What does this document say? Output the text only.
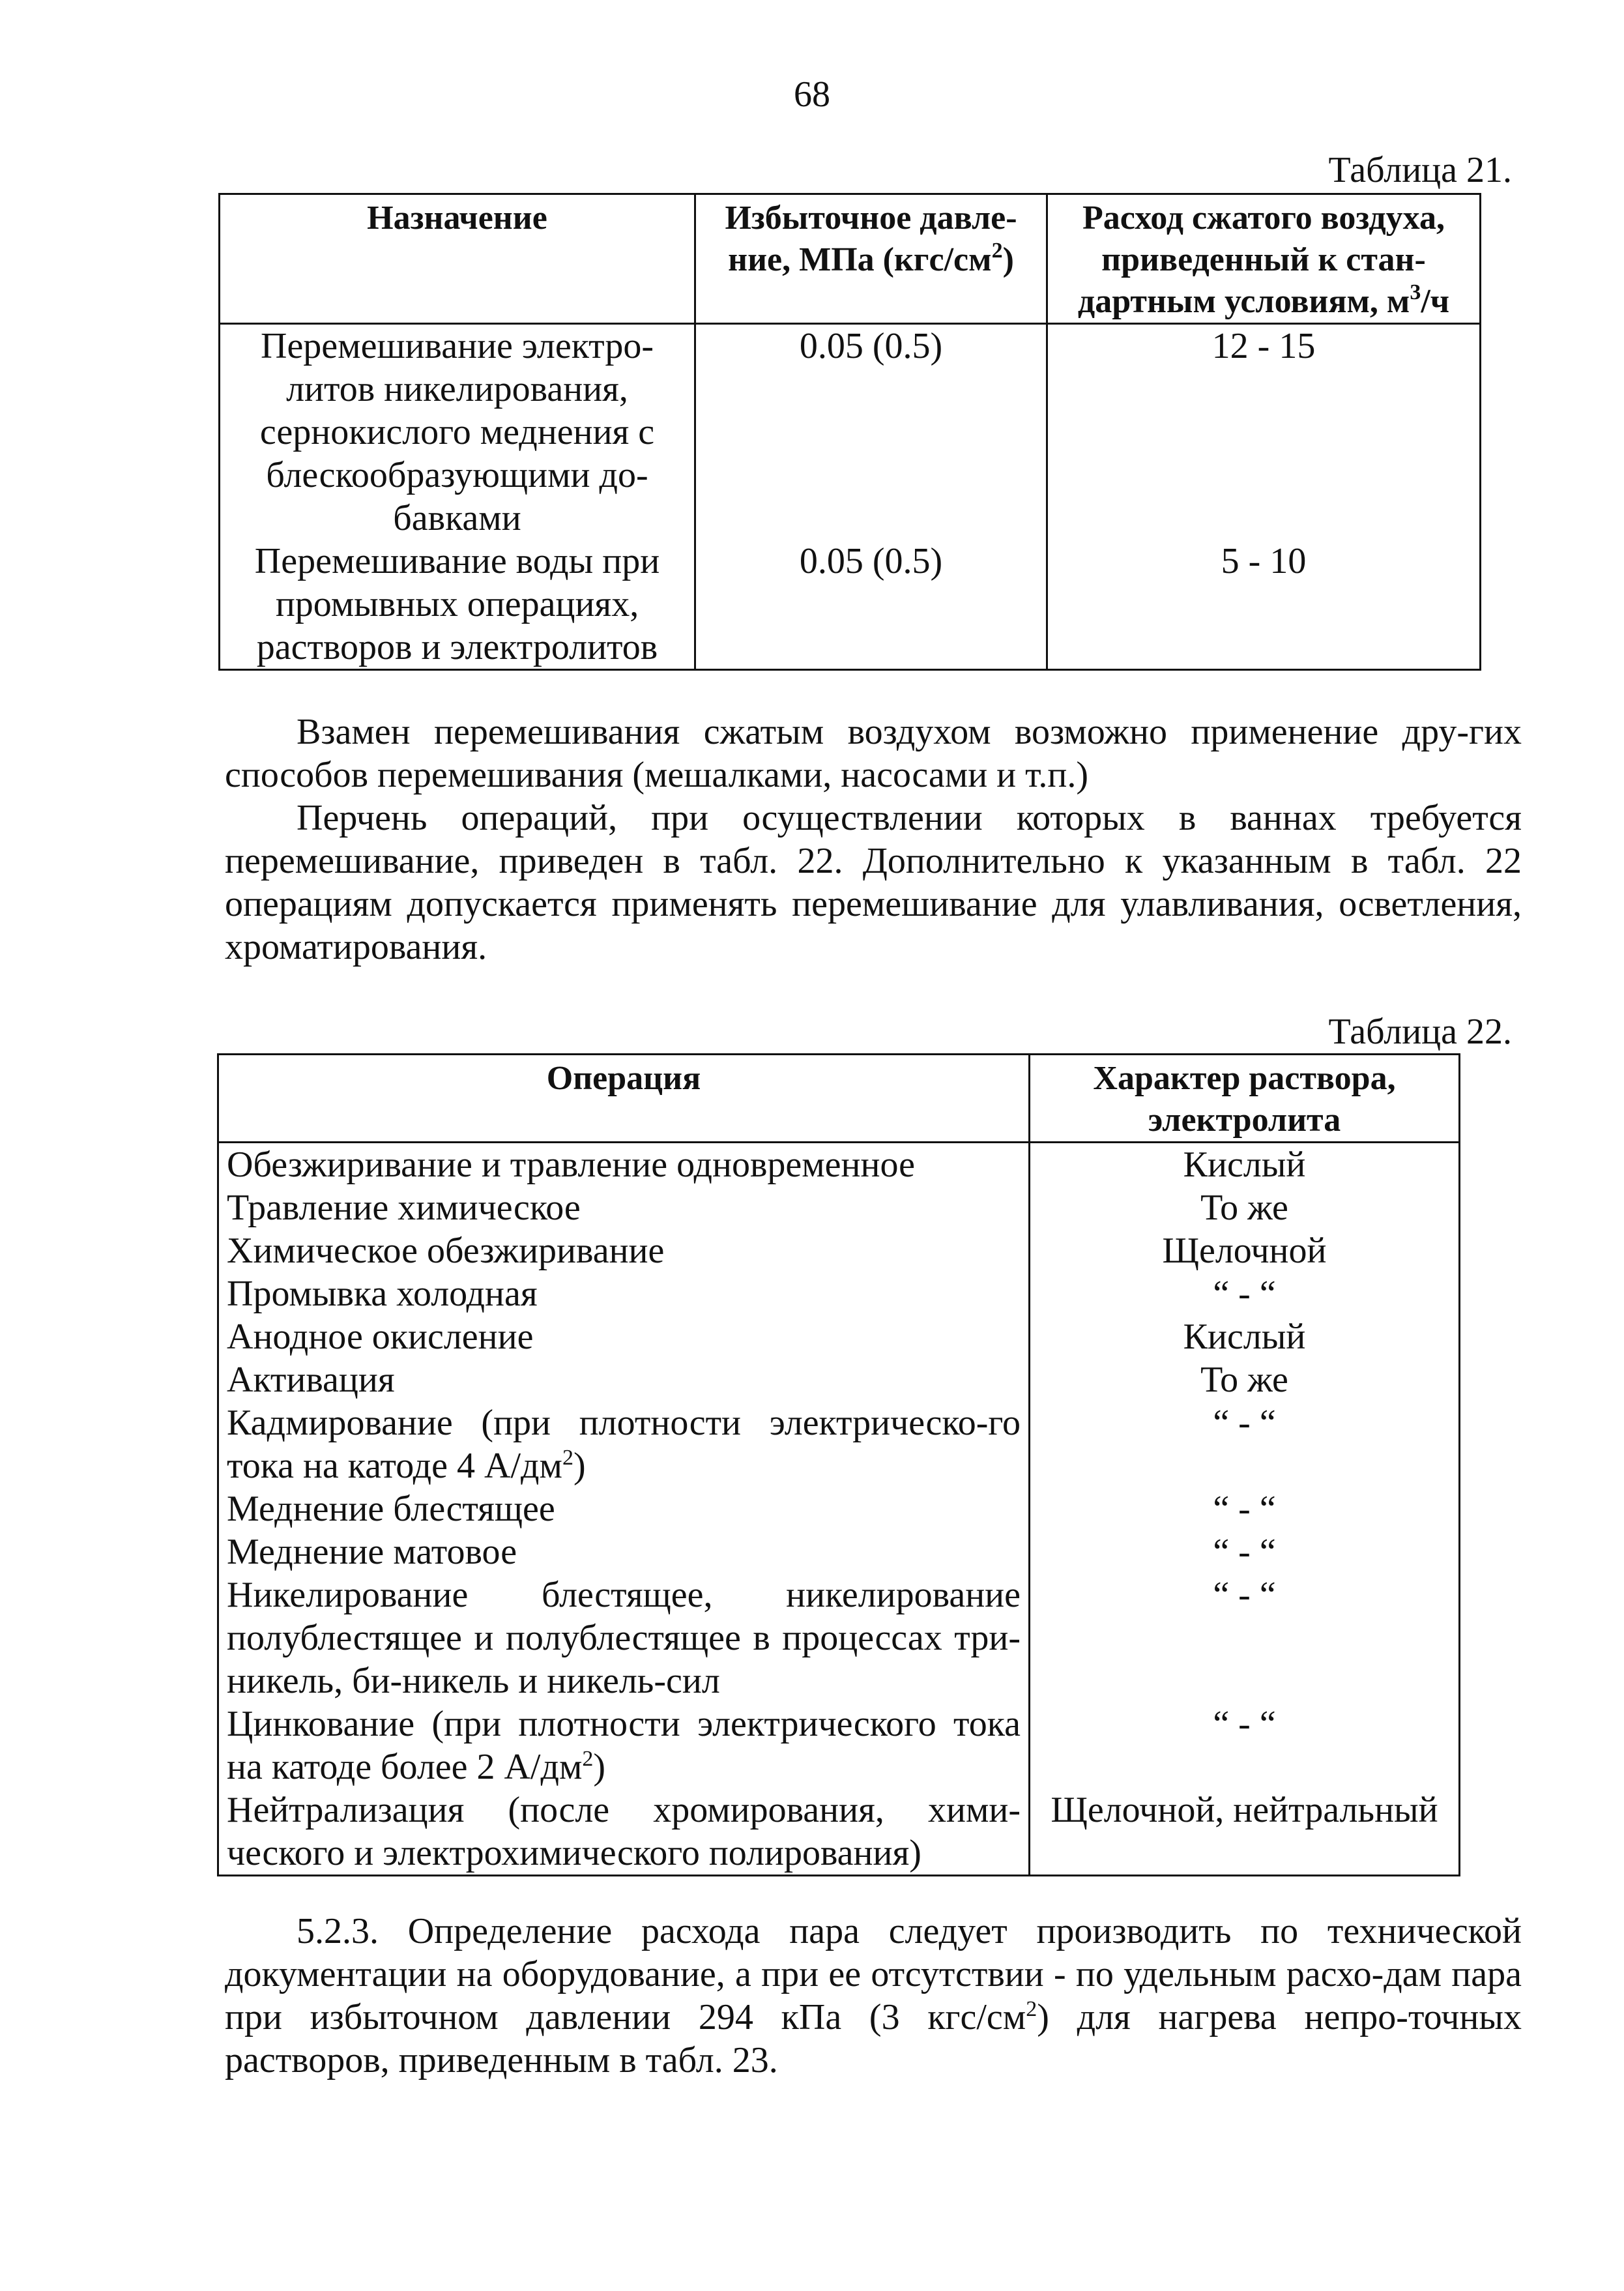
68
Таблица 21.
Назначение	Избыточное давле-ние, МПа $(кгс/см^2)$	Расход сжатого воздуха, приведенный к стан-дартным условиям, $м^3/ч$
Перемешивание электро-литов никелирования, сернокислого меднения с блескообразующими до-бавками	0.05 (0.5)	12 - 15
Перемешивание воды при промывных операциях, растворов и электролитов	0.05 (0.5)	5 - 10

Взамен перемешивания сжатым воздухом возможно применение дру-гих способов перемешивания (мешалками, насосами и т.п.)

Перчень операций, при осуществлении которых в ваннах требуется перемешивание, приведен в табл. 22. Дополнительно к указанным в табл. 22 операциям допускается применять перемешивание для улавливания, осветления, хроматирования.

Таблица 22.
Операция	Характер раствора, электролита
Обезжиривание и травление одновременное	Кислый
Травление химическое	То же
Химическое обезжиривание	Щелочной
Промывка холодная	“ - “
Анодное окисление	Кислый
Активация	То же
Кадмирование (при плотности электрическо-го тока на катоде 4 $А/дм^2$)	“ - “
Меднение блестящее	“ - “
Меднение матовое	“ - “
Никелирование блестящее, никелирование полублестящее и полублестящее в процессах три-никель, би-никель и никель-сил	“ - “
Цинкование (при плотности электрического тока на катоде более 2 $А/дм^2$)	“ - “
Нейтрализация (после хромирования, хими-ческого и электрохимического полирования)	Щелочной, нейтральный

5.2.3. Определение расхода пара следует производить по технической документации на оборудование, а при ее отсутствии - по удельным расхо-дам пара при избыточном давлении 294 кПа (3 кгс/$см^2$) для нагрева непро-точных растворов, приведенным в табл. 23.
